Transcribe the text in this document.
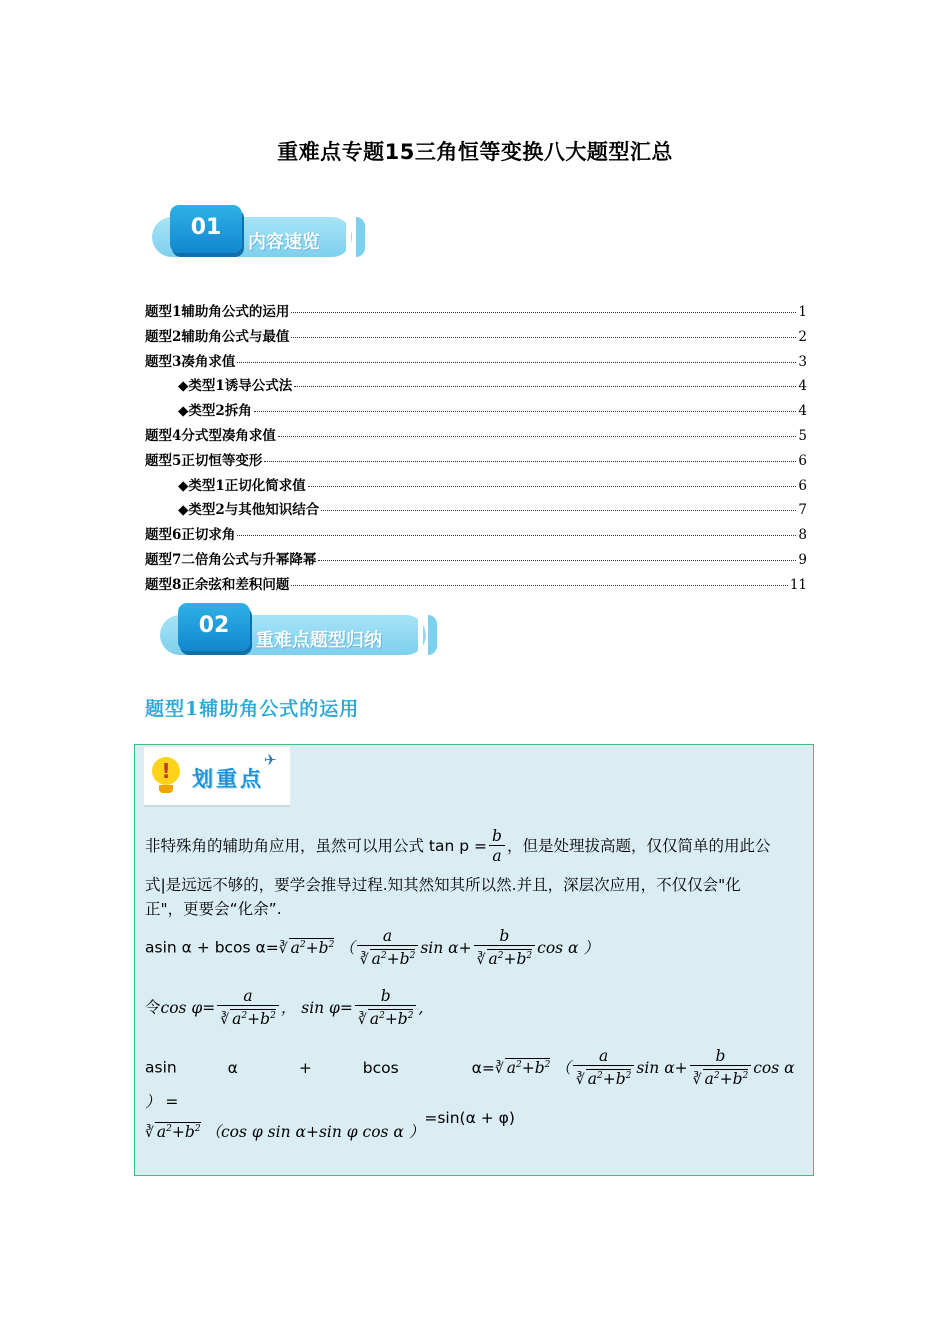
重难点专题15三角恒等变换八大题型汇总
01
内容速览
题型1辅助角公式的运用	1
题型2辅助角公式与最值	2
题型3凑角求值	3
◆类型1诱导公式法	4
◆类型2拆角	4
题型4分式型凑角求值	5
题型5正切恒等变形	6
◆类型1正切化简求值	6
◆类型2与其他知识结合	7
题型6正切求角	8
题型7二倍角公式与升幂降幂	9
题型8正余弦和差积问题	11
02
重难点题型归纳
题型1辅助角公式的运用
!	划重点
✈
非特殊角的辅助角应用，虽然可以用公式 $\tan p = \frac{b}{a}$ ，但是处理拔高题，仅仅简单的用此公
式|是远远不够的，要学会推导过程.知其然知其所以然.并且，深层次应用，不仅仅会"化
正"，更要会“化余”.
asin α + bcos α=∛ $a^2+b^2$ （ $\frac{a}{∛ a^2+b^2}$ $\sin \alpha+ \frac{b}{∛ a^2+b^2}$ cos α ）
令$\cos \varphi= \frac{a}{∛ a^2+b^2}$ ， $\sin \varphi= \frac{b}{∛ a^2+b^2}$ ,
asin	α	+	bcos	α=∛ $a^2+b^2$ （ $\frac{a}{∛ a^2+b^2}$ $\sin \alpha+ \frac{b}{∛ a^2+b^2}$ cos α ） =
∛ $a^2+b^2$ （cos φ sin α+sin φ cos α ）=sin(α + φ)
